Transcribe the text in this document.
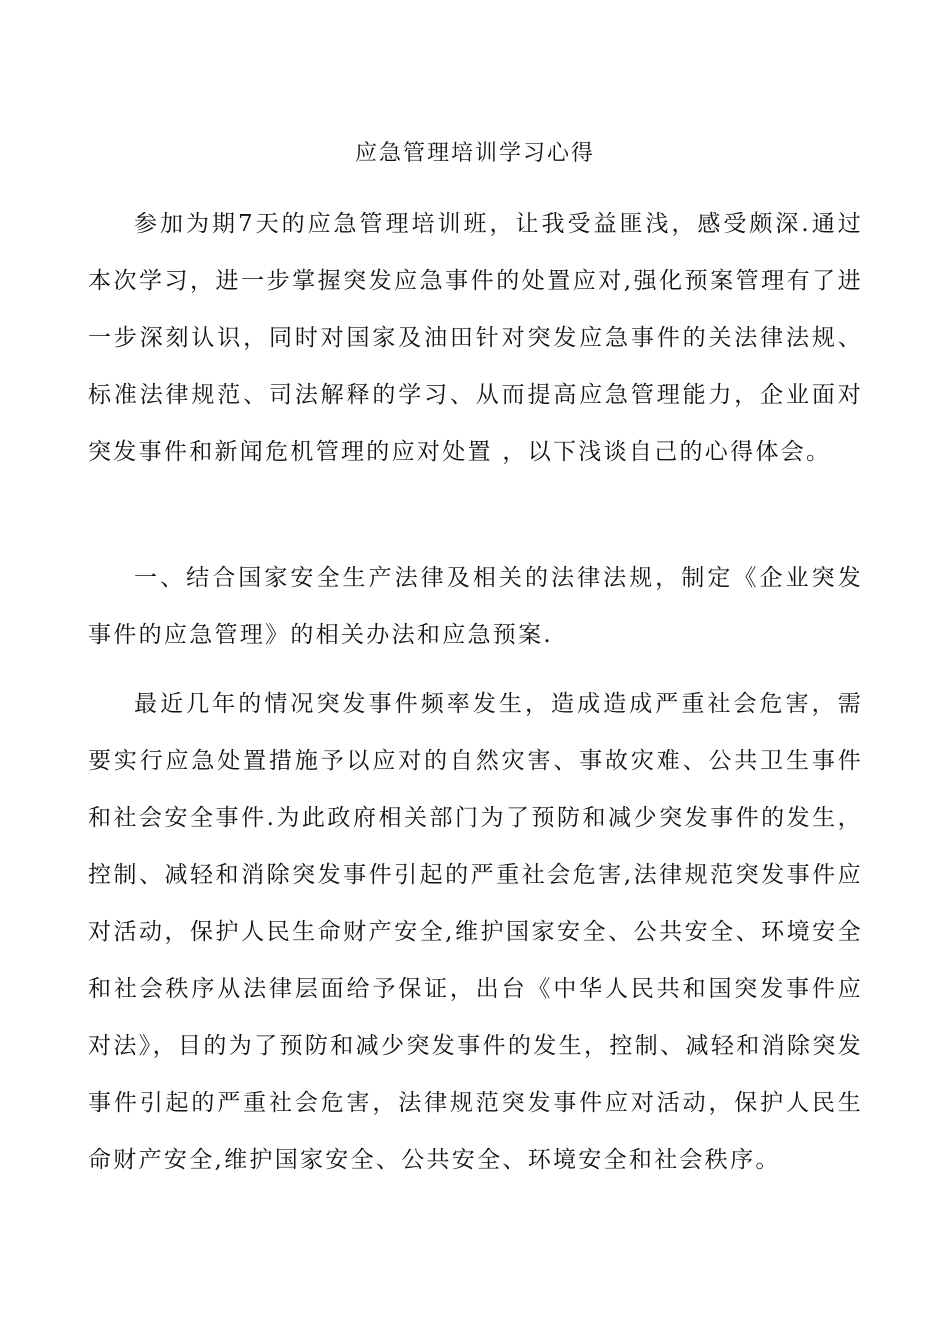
应急管理培训学习心得

参加为期7天的应急管理培训班，让我受益匪浅，感受颇深.通过本次学习，进一步掌握突发应急事件的处置应对,强化预案管理有了进一步深刻认识，同时对国家及油田针对突发应急事件的关法律法规、标准法律规范、司法解释的学习、从而提高应急管理能力，企业面对突发事件和新闻危机管理的应对处置 ，以下浅谈自己的心得体会。

一、结合国家安全生产法律及相关的法律法规，制定《企业突发事件的应急管理》的相关办法和应急预案.

最近几年的情况突发事件频率发生，造成造成严重社会危害，需要实行应急处置措施予以应对的自然灾害、事故灾难、公共卫生事件和社会安全事件.为此政府相关部门为了预防和减少突发事件的发生，控制、减轻和消除突发事件引起的严重社会危害,法律规范突发事件应对活动，保护人民生命财产安全,维护国家安全、公共安全、环境安全和社会秩序从法律层面给予保证，出台《中华人民共和国突发事件应对法》，目的为了预防和减少突发事件的发生，控制、减轻和消除突发事件引起的严重社会危害，法律规范突发事件应对活动，保护人民生命财产安全,维护国家安全、公共安全、环境安全和社会秩序。
